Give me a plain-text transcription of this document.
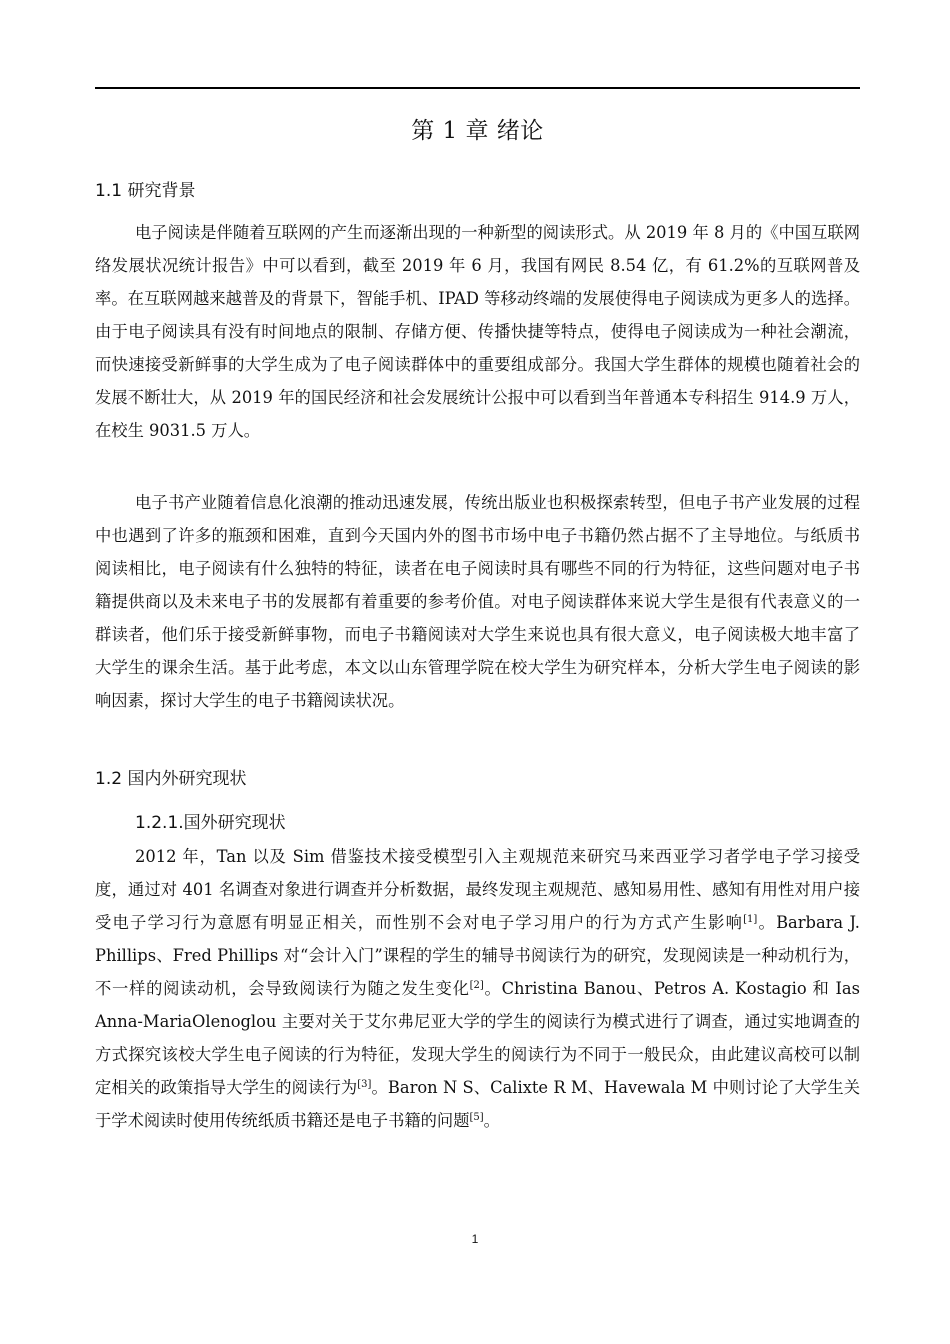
第 1 章 绪论
1.1 研究背景

电子阅读是伴随着互联网的产生而逐渐出现的一种新型的阅读形式。从 2019 年 8 月的《中国互联网络发展状况统计报告》中可以看到，截至 2019 年 6 月，我国有网民 8.54 亿，有 61.2%的互联网普及率。在互联网越来越普及的背景下，智能手机、IPAD 等移动终端的发展使得电子阅读成为更多人的选择。由于电子阅读具有没有时间地点的限制、存储方便、传播快捷等特点，使得电子阅读成为一种社会潮流，而快速接受新鲜事的大学生成为了电子阅读群体中的重要组成部分。我国大学生群体的规模也随着社会的发展不断壮大，从 2019 年的国民经济和社会发展统计公报中可以看到当年普通本专科招生 914.9 万人，在校生 9031.5 万人。

电子书产业随着信息化浪潮的推动迅速发展，传统出版业也积极探索转型，但电子书产业发展的过程中也遇到了许多的瓶颈和困难，直到今天国内外的图书市场中电子书籍仍然占据不了主导地位。与纸质书阅读相比，电子阅读有什么独特的特征，读者在电子阅读时具有哪些不同的行为特征，这些问题对电子书籍提供商以及未来电子书的发展都有着重要的参考价值。对电子阅读群体来说大学生是很有代表意义的一群读者，他们乐于接受新鲜事物，而电子书籍阅读对大学生来说也具有很大意义，电子阅读极大地丰富了大学生的课余生活。基于此考虑，本文以山东管理学院在校大学生为研究样本，分析大学生电子阅读的影响因素，探讨大学生的电子书籍阅读状况。

1.2 国内外研究现状
1.2.1.国外研究现状

2012 年，Tan 以及 Sim 借鉴技术接受模型引入主观规范来研究马来西亚学习者学电子学习接受度，通过对 401 名调查对象进行调查并分析数据，最终发现主观规范、感知易用性、感知有用性对用户接受电子学习行为意愿有明显正相关，而性别不会对电子学习用户的行为方式产生影响[1]。Barbara J. Phillips、Fred Phillips 对“会计入门”课程的学生的辅导书阅读行为的研究，发现阅读是一种动机行为，不一样的阅读动机，会导致阅读行为随之发生变化[2]。Christina Banou、Petros A. Kostagio 和 Ias Anna-MariaOlenoglou 主要对关于艾尔弗尼亚大学的学生的阅读行为模式进行了调查，通过实地调查的方式探究该校大学生电子阅读的行为特征，发现大学生的阅读行为不同于一般民众，由此建议高校可以制定相关的政策指导大学生的阅读行为[3]。Baron N S、Calixte R M、Havewala M 中则讨论了大学生关于学术阅读时使用传统纸质书籍还是电子书籍的问题[5]。

1
